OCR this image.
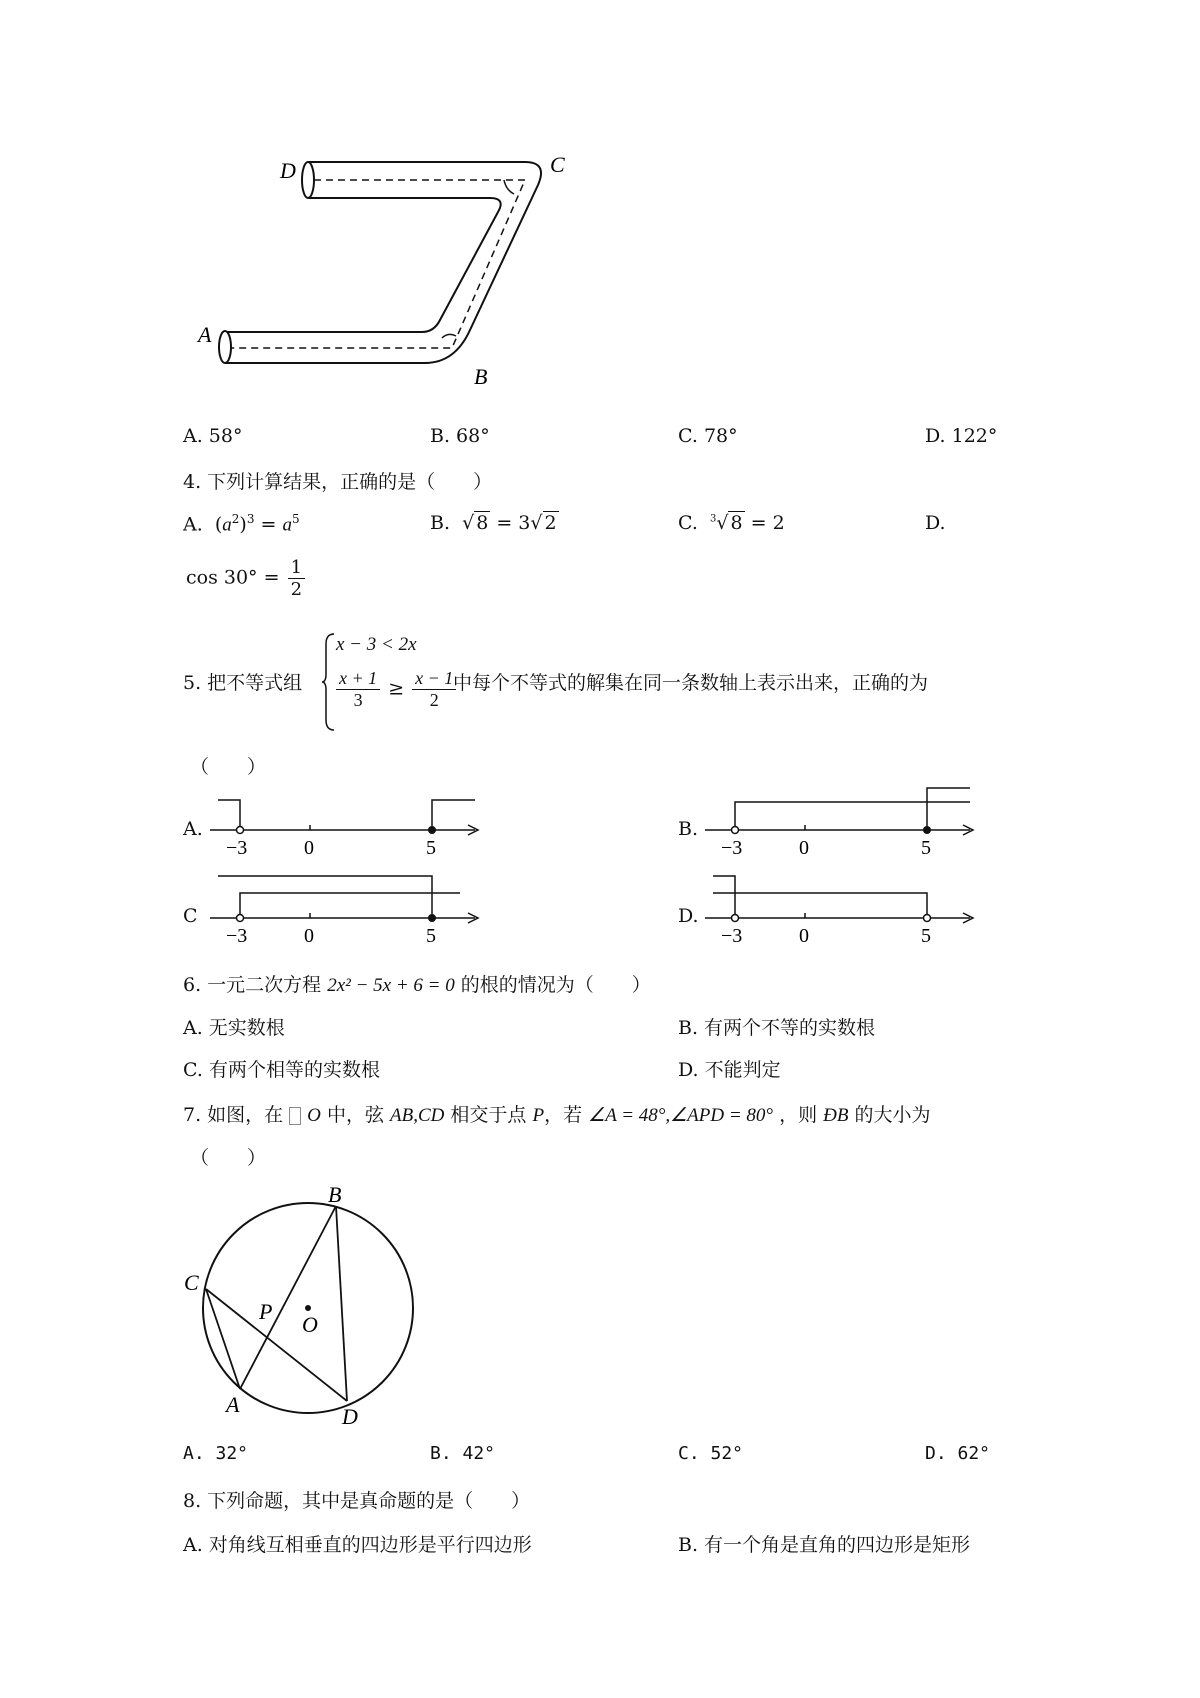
D	C
A
B
A. 58°	B. 68°	C. 78°	D. 122°
4. 下列计算结果，正确的是（　　）
A.  $(a^2)^3 = a^5$	B.  √ 8 = 3√ 2	C. $^3$√ 8 = 2	D.
$\cos 30^\circ = \frac{1}{2}$
5. 把不等式组
x − 3 < 2x
$\frac{x + 1}{3} \ge \frac{x - 1}{2}$
中每个不等式的解集在同一条数轴上表示出来，正确的为
（　　）
A.
−3	0	5
B.
−3	0	5
C
−3	0	5
D.
−3	0	5
6. 一元二次方程 2x² − 5x + 6 = 0 的根的情况为（　　）
A. 无实数根	B. 有两个不等的实数根
C. 有两个相等的实数根	D. 不能判定
7. 如图，在 O 中，弦 AB,CD 相交于点 P，若 ∠A = 48°,∠APD = 80° ，则 ÐB 的大小为
（　　）
B
C
P
O
A	D
A. 32°	B. 42°	C. 52°	D. 62°
8. 下列命题，其中是真命题的是（　　）
A. 对角线互相垂直的四边形是平行四边形	B. 有一个角是直角的四边形是矩形
